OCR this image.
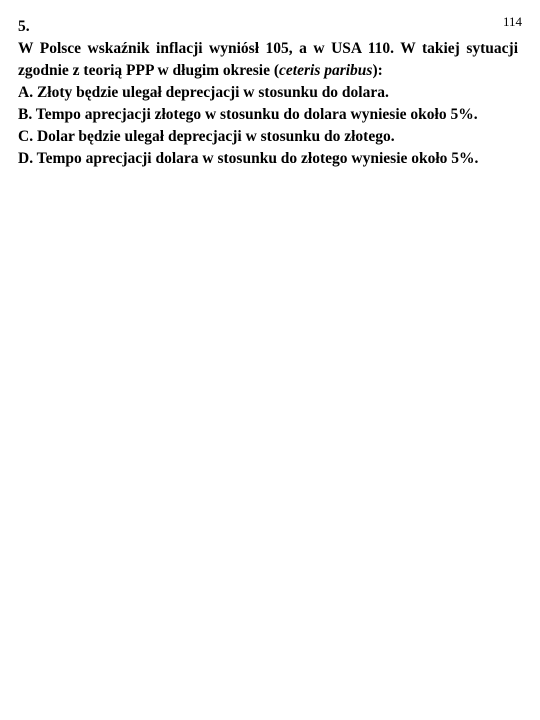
114
5.

W Polsce wskaźnik inflacji wyniósł 105, a w USA 110. W takiej sytuacji zgodnie z teorią PPP w długim okresie (ceteris paribus):

A. Złoty będzie ulegał deprecjacji w stosunku do dolara.

B. Tempo aprecjacji złotego w stosunku do dolara wyniesie około 5%.

C. Dolar będzie ulegał deprecjacji w stosunku do złotego.

D. Tempo aprecjacji dolara w stosunku do złotego wyniesie około 5%.
